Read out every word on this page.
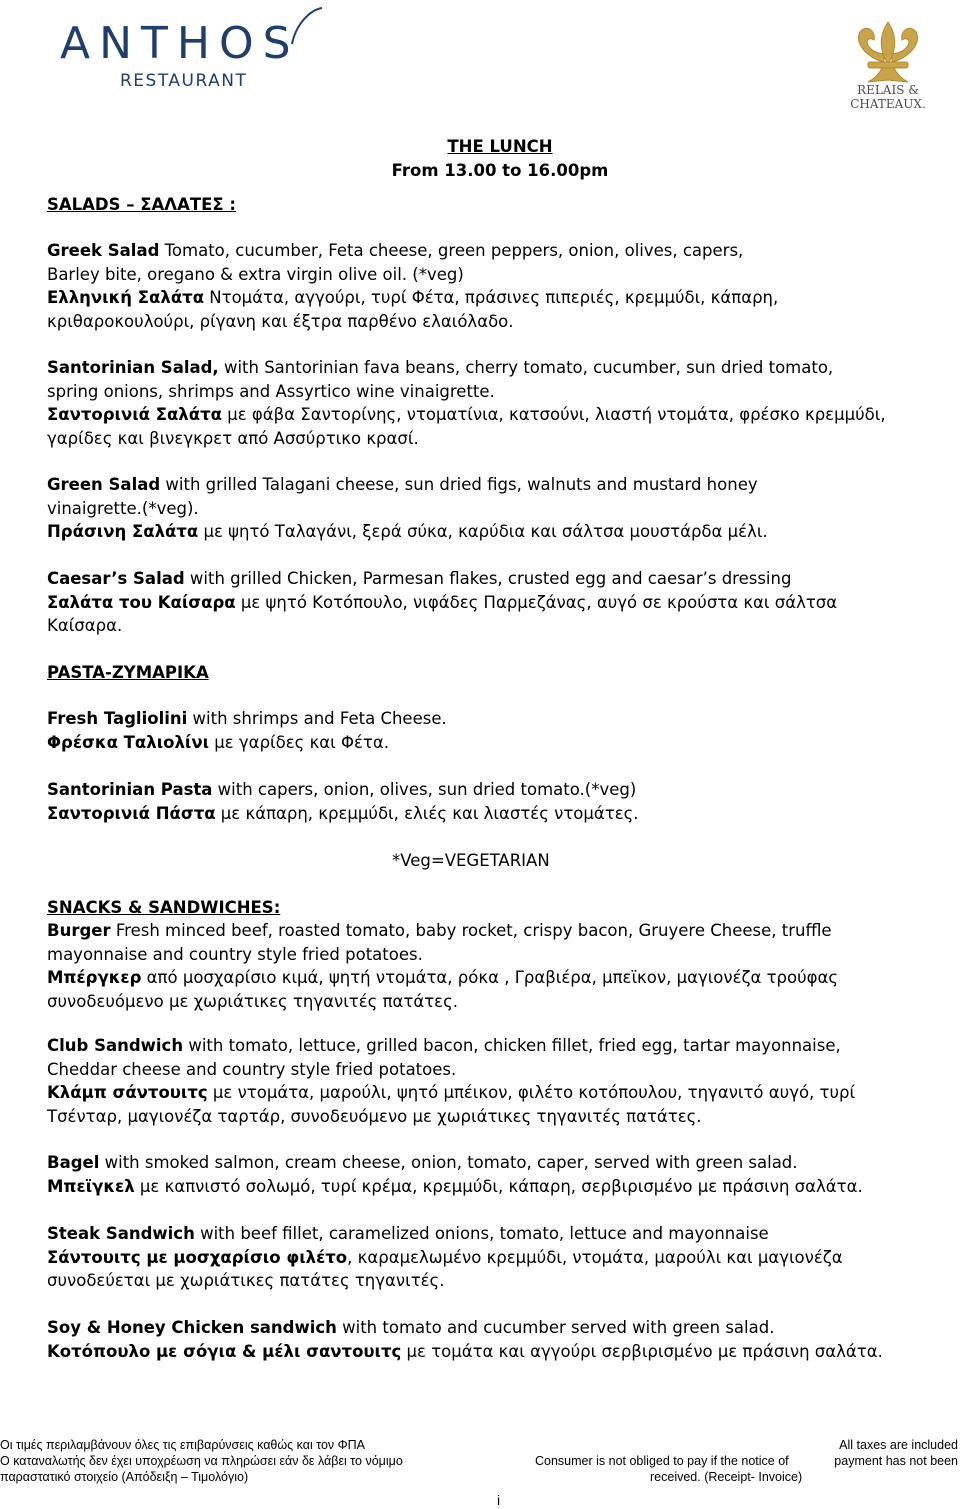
ANTHOS
RESTAURANT	RELAIS &
CHATEAUX.
THE LUNCH
From 13.00 to 16.00pm
SALADS – ΣΑΛΑΤΕΣ :
Greek Salad Tomato, cucumber, Feta cheese, green peppers, onion, olives, capers,
Barley bite, oregano & extra virgin olive oil. (*veg)
Ελληνική Σαλάτα Ντομάτα, αγγούρι, τυρί Φέτα, πράσινες πιπεριές, κρεμμύδι, κάπαρη,
κριθαροκουλούρι, ρίγανη και έξτρα παρθένο ελαιόλαδο.
Santorinian Salad, with Santorinian fava beans, cherry tomato, cucumber, sun dried tomato,
spring onions, shrimps and Assyrtico wine vinaigrette.
Σαντορινιά Σαλάτα με φάβα Σαντορίνης, ντοματίνια, κατσούνι, λιαστή ντομάτα, φρέσκο κρεμμύδι,
γαρίδες και βινεγκρετ από Ασσύρτικο κρασί.
Green Salad with grilled Talagani cheese, sun dried figs, walnuts and mustard honey
vinaigrette.(*veg).
Πράσινη Σαλάτα με ψητό Ταλαγάνι, ξερά σύκα, καρύδια και σάλτσα μουστάρδα μέλι.
Caesar’s Salad with grilled Chicken, Parmesan flakes, crusted egg and caesar’s dressing
Σαλάτα του Καίσαρα με ψητό Κοτόπουλο, νιφάδες Παρμεζάνας, αυγό σε κρούστα και σάλτσα
Καίσαρα.
PASTA-ΖΥΜΑΡΙΚΑ
Fresh Tagliolini with shrimps and Feta Cheese.
Φρέσκα Ταλιολίνι με γαρίδες και Φέτα.
Santorinian Pasta with capers, onion, olives, sun dried tomato.(*veg)
Σαντορινιά Πάστα με κάπαρη, κρεμμύδι, ελιές και λιαστές ντομάτες.
*Veg=VEGETARIAN
SNACKS & SANDWICHES:
Burger Fresh minced beef, roasted tomato, baby rocket, crispy bacon, Gruyere Cheese, truffle
mayonnaise and country style fried potatoes.
Μπέργκερ από μοσχαρίσιο κιμά, ψητή ντομάτα, ρόκα , Γραβιέρα, μπεϊκον, μαγιονέζα τρούφας
συνοδευόμενο με χωριάτικες τηγανιτές πατάτες.
Club Sandwich with tomato, lettuce, grilled bacon, chicken fillet, fried egg, tartar mayonnaise,
Cheddar cheese and country style fried potatoes.
Κλάμπ σάντουιτς με ντομάτα, μαρούλι, ψητό μπέικον, φιλέτο κοτόπουλου, τηγανιτό αυγό, τυρί
Τσένταρ, μαγιονέζα ταρτάρ, συνοδευόμενο με χωριάτικες τηγανιτές πατάτες.
Bagel with smoked salmon, cream cheese, onion, tomato, caper, served with green salad.
Μπεϊγκελ με καπνιστό σολωμό, τυρί κρέμα, κρεμμύδι, κάπαρη, σερβιρισμένο με πράσινη σαλάτα.
Steak Sandwich with beef fillet, caramelized onions, tomato, lettuce and mayonnaise
Σάντουιτς με μοσχαρίσιο φιλέτο, καραμελωμένο κρεμμύδι, ντομάτα, μαρούλι και μαγιονέζα
συνοδεύεται με χωριάτικες πατάτες τηγανιτές.
Soy & Honey Chicken sandwich with tomato and cucumber served with green salad.
Κοτόπουλο με σόγια & μέλι σαντουιτς με τομάτα και αγγούρι σερβιρισμένο με πράσινη σαλάτα.
Οι τιμές περιλαμβάνουν όλες τις επιβαρύνσεις καθώς και τον ΦΠΑ
Ο καταναλωτής δεν έχει υποχρέωση να πληρώσει εάν δε λάβει το νόμιμο
παραστατικό στοιχείο (Απόδειξη – Τιμολόγιο)
All taxes are included
Consumer is not obliged to pay if the notice of	payment has not been
received. (Receipt- Invoice)
i
